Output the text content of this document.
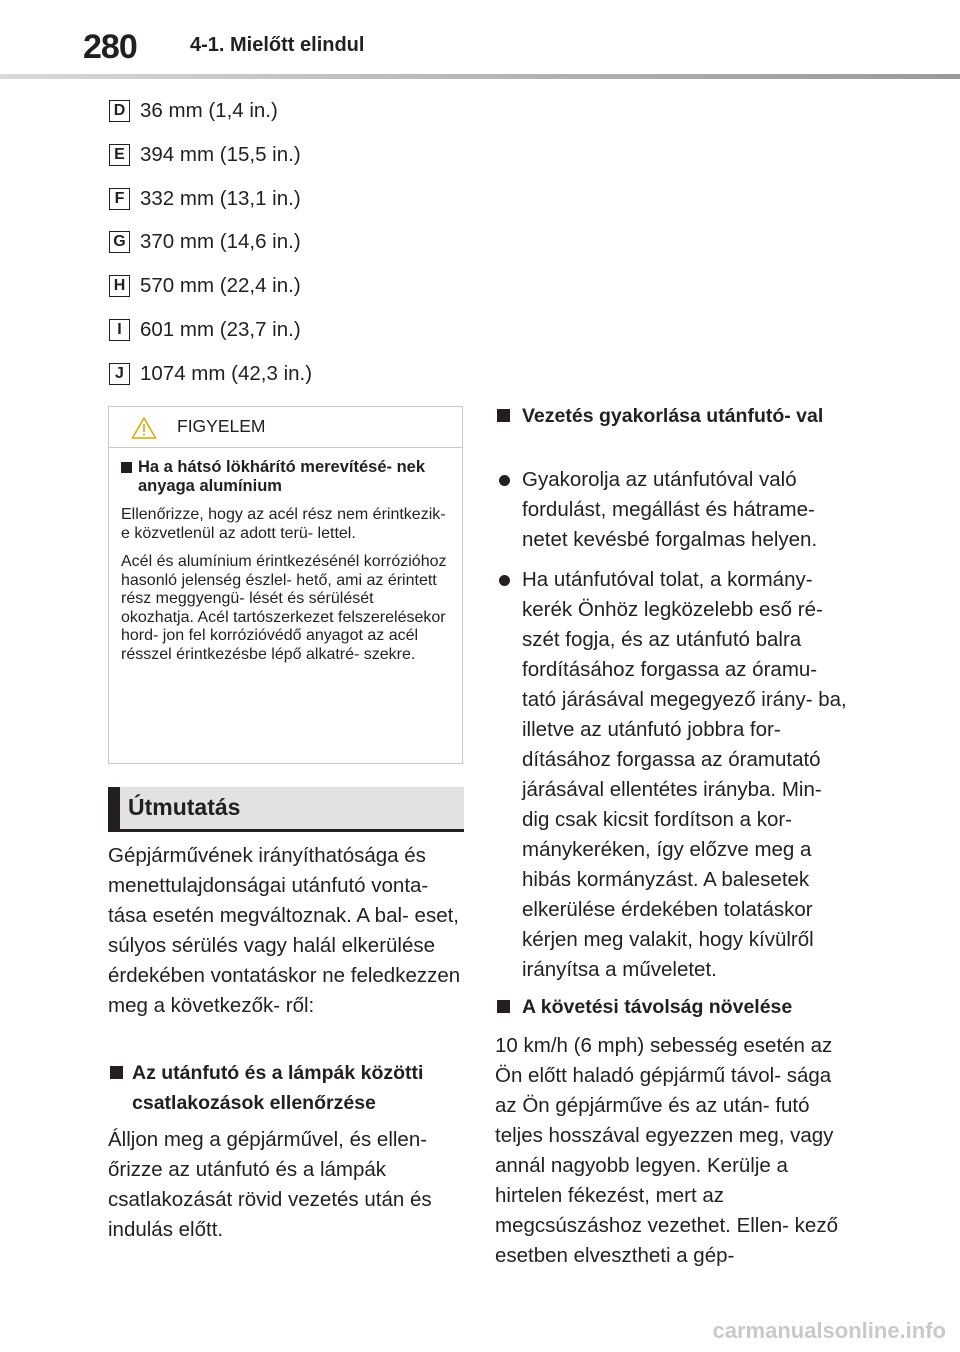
280	4-1. Mielőtt elindul
D 36 mm (1,4 in.)
E 394 mm (15,5 in.)
F 332 mm (13,1 in.)
G 370 mm (14,6 in.)
H 570 mm (22,4 in.)
I 601 mm (23,7 in.)
J 1074 mm (42,3 in.)
FIGYELEM
Ha a hátsó lökhárító merevítésé- nek anyaga alumínium
Ellenőrizze, hogy az acél rész nem érintkezik-e közvetlenül az adott terü- lettel.
Acél és alumínium érintkezésénél korrózióhoz hasonló jelenség észlel- hető, ami az érintett rész meggyengü- lését és sérülését okozhatja. Acél tartószerkezet felszerelésekor hord- jon fel korrózióvédő anyagot az acél résszel érintkezésbe lépő alkatré- szekre.
Útmutatás
Gépjárművének irányíthatósága és menettulajdonságai utánfutó vonta- tása esetén megváltoznak. A bal- eset, súlyos sérülés vagy halál elkerülése érdekében vontatáskor ne feledkezzen meg a következők- ről:
Az utánfutó és a lámpák közötti csatlakozások ellenőrzése
Álljon meg a gépjárművel, és ellen- őrizze az utánfutó és a lámpák csatlakozását rövid vezetés után és indulás előtt.
Vezetés gyakorlása utánfutó- val
Gyakorolja az utánfutóval való fordulást, megállást és hátrame- netet kevésbé forgalmas helyen.
Ha utánfutóval tolat, a kormány- kerék Önhöz legközelebb eső ré- szét fogja, és az utánfutó balra fordításához forgassa az óramu- tató járásával megegyező irány- ba, illetve az utánfutó jobbra for- dításához forgassa az óramutató járásával ellentétes irányba. Min- dig csak kicsit fordítson a kor- mánykeréken, így előzve meg a hibás kormányzást. A balesetek elkerülése érdekében tolatáskor kérjen meg valakit, hogy kívülről irányítsa a műveletet.
A követési távolság növelése
10 km/h (6 mph) sebesség esetén az Ön előtt haladó gépjármű távol- sága az Ön gépjárműve és az után- futó teljes hosszával egyezzen meg, vagy annál nagyobb legyen. Kerülje a hirtelen fékezést, mert az megcsúszáshoz vezethet. Ellen- kező esetben elvesztheti a gép-
carmanualsonline.info
